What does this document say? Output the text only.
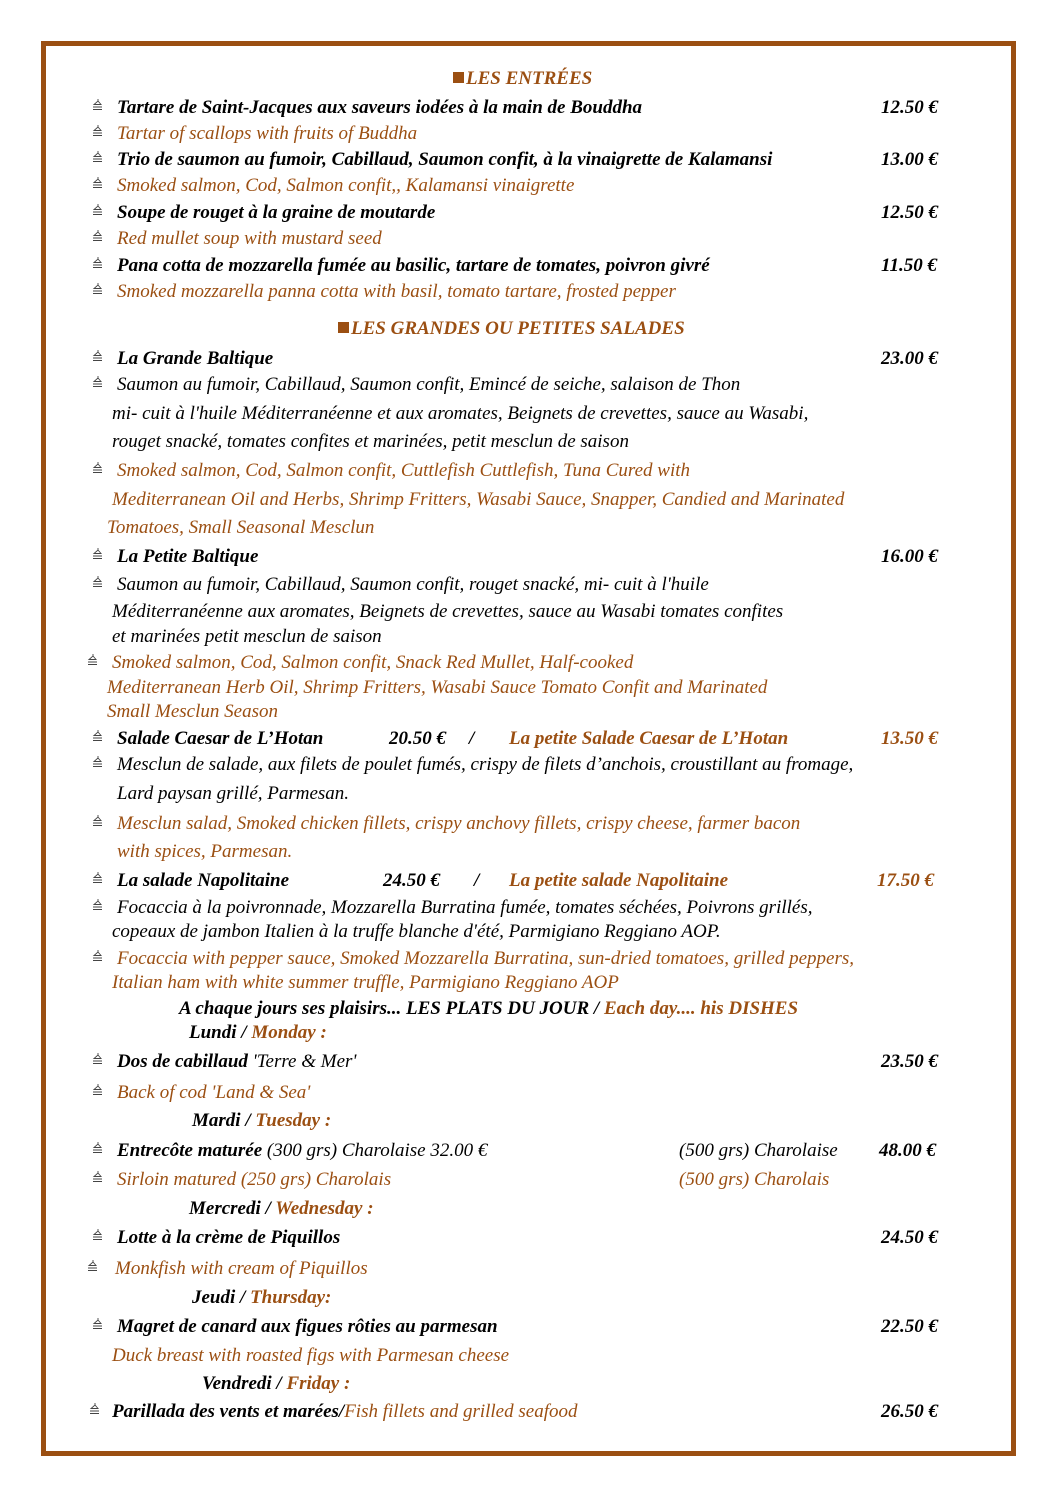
LES ENTRÉES
Tartare de Saint-Jacques aux saveurs iodées à la main de Bouddha	12.50 €
Tartar of scallops with fruits of Buddha
Trio de saumon au fumoir, Cabillaud, Saumon confit, à la vinaigrette de Kalamansi	13.00 €
Smoked salmon, Cod, Salmon confit,, Kalamansi vinaigrette
Soupe de rouget à la graine de moutarde	12.50 €
Red mullet soup with mustard seed
Pana cotta de mozzarella fumée au basilic, tartare de tomates, poivron givré	11.50 €
Smoked mozzarella panna cotta with basil, tomato tartare, frosted pepper
LES GRANDES OU PETITES SALADES
La Grande Baltique	23.00 €
Saumon au fumoir, Cabillaud, Saumon confit, Emincé de seiche, salaison de Thon
mi- cuit à l'huile Méditerranéenne et aux aromates, Beignets de crevettes, sauce au Wasabi,
rouget snacké, tomates confites et marinées, petit mesclun de saison
Smoked salmon, Cod, Salmon confit, Cuttlefish Cuttlefish, Tuna Cured with
Mediterranean Oil and Herbs, Shrimp Fritters, Wasabi Sauce, Snapper, Candied and Marinated
Tomatoes, Small Seasonal Mesclun
La Petite Baltique	16.00 €
Saumon au fumoir, Cabillaud, Saumon confit, rouget snacké, mi- cuit à l'huile
Méditerranéenne aux aromates, Beignets de crevettes, sauce au Wasabi tomates confites
et marinées petit mesclun de saison
Smoked salmon, Cod, Salmon confit, Snack Red Mullet, Half-cooked
Mediterranean Herb Oil, Shrimp Fritters, Wasabi Sauce Tomato Confit and Marinated
Small Mesclun Season
Salade Caesar de L’Hotan	20.50 € / La petite Salade Caesar de L’Hotan	13.50 €
Mesclun de salade, aux filets de poulet fumés, crispy de filets d’anchois, croustillant au fromage,
Lard paysan grillé, Parmesan.
Mesclun salad, Smoked chicken fillets, crispy anchovy fillets, crispy cheese, farmer bacon
with spices, Parmesan.
La salade Napolitaine	24.50 € / La petite salade Napolitaine	17.50 €
Focaccia à la poivronnade, Mozzarella Burratina fumée, tomates séchées, Poivrons grillés,
copeaux de jambon Italien à la truffe blanche d'été, Parmigiano Reggiano AOP.
Focaccia with pepper sauce, Smoked Mozzarella Burratina, sun-dried tomatoes, grilled peppers,
Italian ham with white summer truffle, Parmigiano Reggiano AOP
A chaque jours ses plaisirs... LES PLATS DU JOUR / Each day.... his DISHES
Lundi / Monday :
Dos de cabillaud 'Terre & Mer'	23.50 €
Back of cod 'Land & Sea'
Mardi / Tuesday :
Entrecôte maturée (300 grs) Charolaise 32.00 €	(500 grs) Charolaise 48.00 €
Sirloin matured (250 grs) Charolais	(500 grs) Charolais
Mercredi / Wednesday :
Lotte à la crème de Piquillos	24.50 €
Monkfish with cream of Piquillos
Jeudi / Thursday:
Magret de canard aux figues rôties au parmesan	22.50 €
Duck breast with roasted figs with Parmesan cheese
Vendredi / Friday :
Parillada des vents et marées/Fish fillets and grilled seafood	26.50 €
